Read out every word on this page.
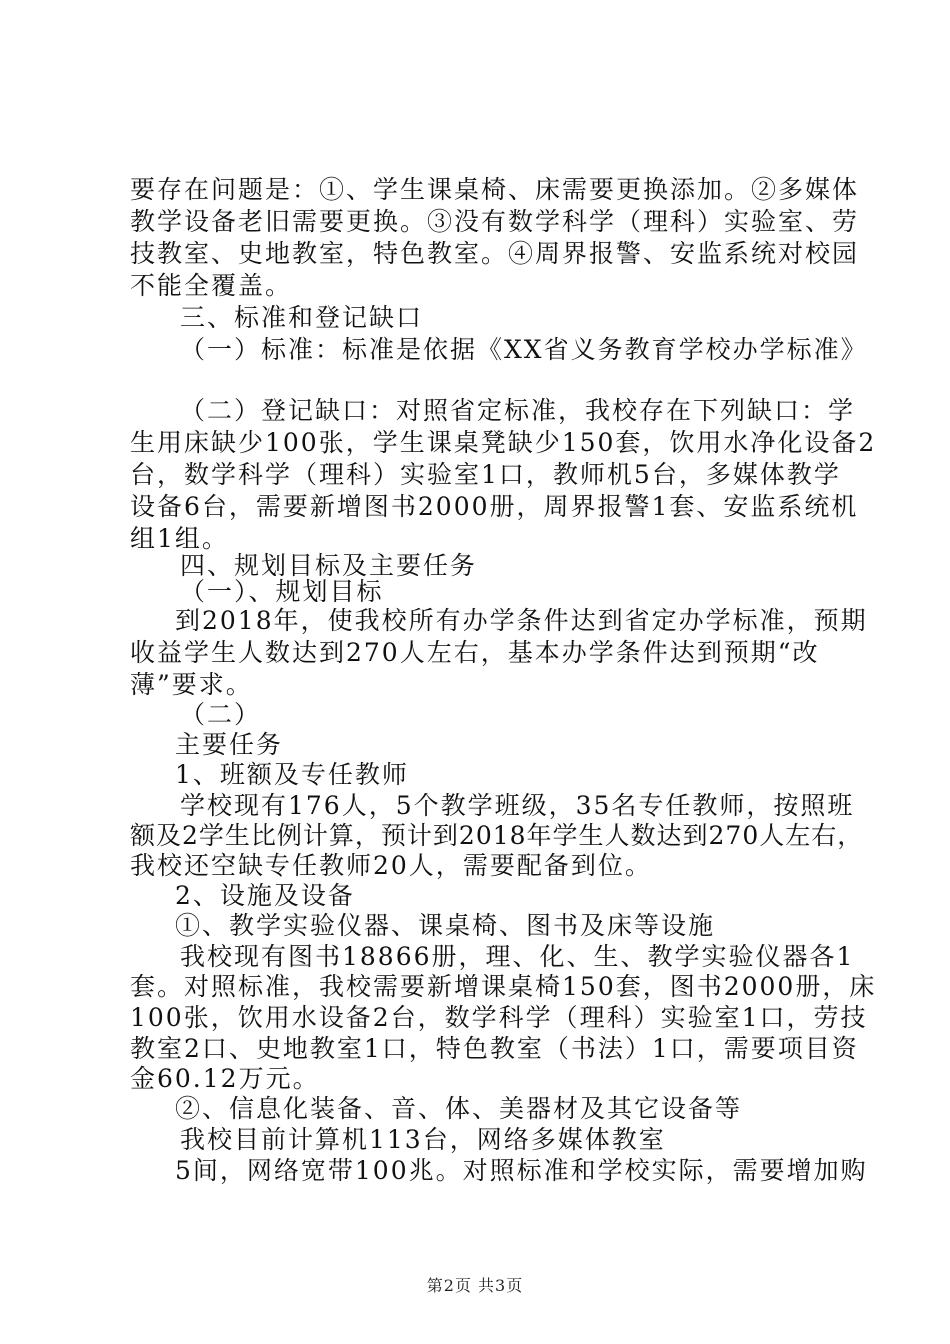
要存在问题是：①、学生课桌椅、床需要更换添加。②多媒体
教学设备老旧需要更换。③没有数学科学（理科）实验室、劳
技教室、史地教室，特色教室。④周界报警、安监系统对校园
不能全覆盖。
三、标准和登记缺口
（一）标准：标准是依据《XX省义务教育学校办学标准》
（二）登记缺口：对照省定标准，我校存在下列缺口：学
生用床缺少100张，学生课桌凳缺少150套，饮用水净化设备2
台，数学科学（理科）实验室1口，教师机5台，多媒体教学
设备6台，需要新增图书2000册，周界报警1套、安监系统机
组1组。
四、规划目标及主要任务
（一）、规划目标
到2018年，使我校所有办学条件达到省定办学标准，预期
收益学生人数达到270人左右，基本办学条件达到预期“改
薄”要求。
（二）
主要任务
1、班额及专任教师
学校现有176人，5个教学班级，35名专任教师，按照班
额及2学生比例计算，预计到2018年学生人数达到270人左右，
我校还空缺专任教师20人，需要配备到位。
2、设施及设备
①、教学实验仪器、课桌椅、图书及床等设施
我校现有图书18866册，理、化、生、教学实验仪器各1
套。对照标准，我校需要新增课桌椅150套，图书2000册，床
100张，饮用水设备2台，数学科学（理科）实验室1口，劳技
教室2口、史地教室1口，特色教室（书法）1口，需要项目资
金60.12万元。
②、信息化装备、音、体、美器材及其它设备等
我校目前计算机113台，网络多媒体教室
5间，网络宽带100兆。对照标准和学校实际，需要增加购
第2页 共3页
